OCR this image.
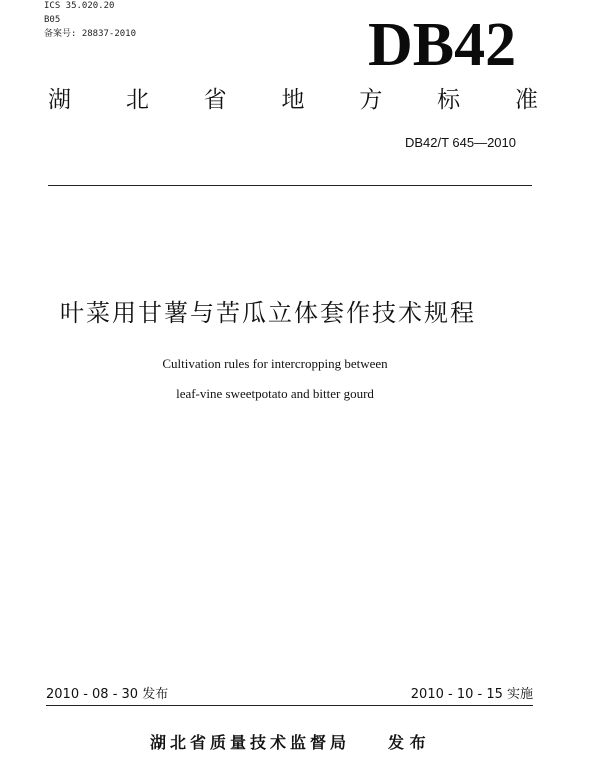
ICS 35.020.20
B05
备案号: 28837-2010	DB42
湖 北 省 地 方 标 准
DB42/T 645—2010
叶菜用甘薯与苦瓜立体套作技术规程
Cultivation rules for intercropping between
leaf-vine sweetpotato and bitter gourd
2010 - 08 - 30 发布	2010 - 10 - 15 实施
湖北省质量技术监督局 发 布
